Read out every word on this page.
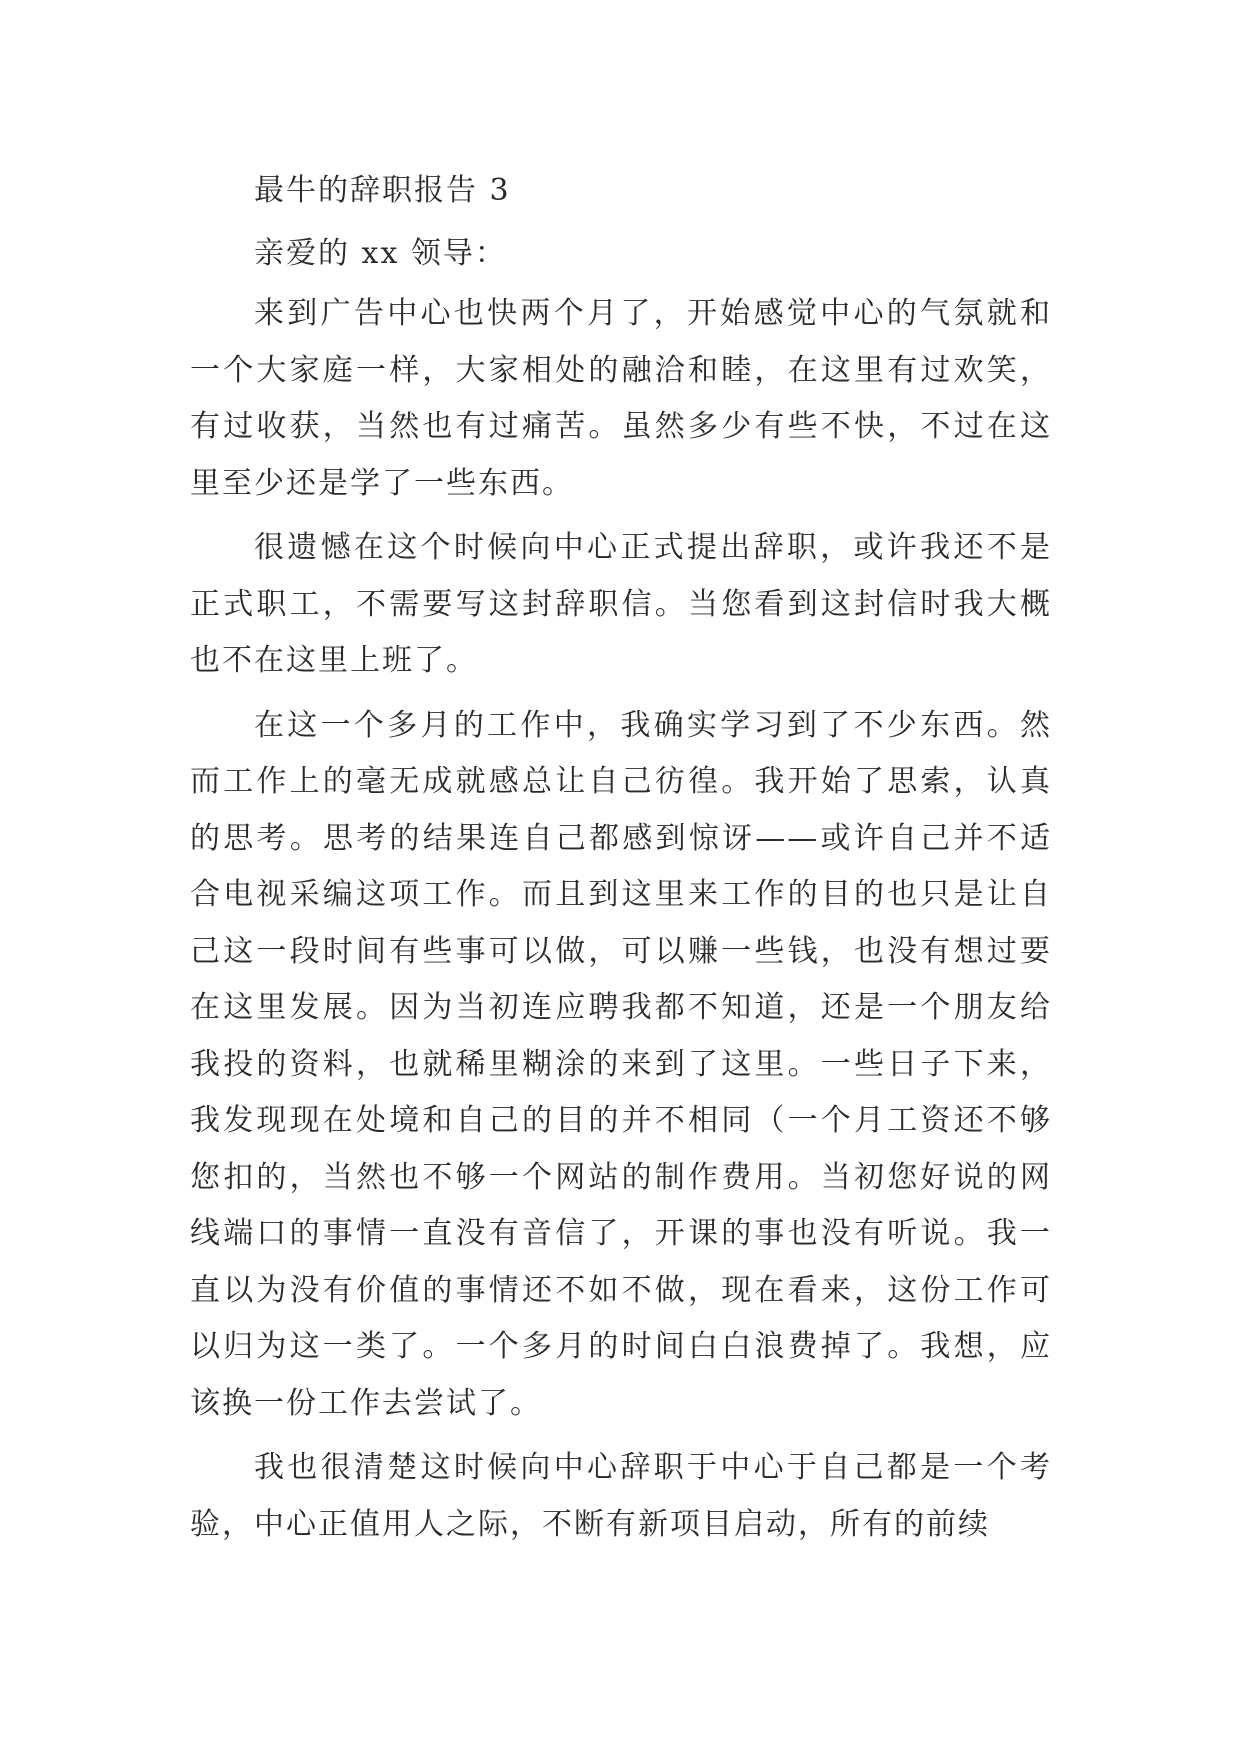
最牛的辞职报告 3

亲爱的 xx 领导：

来到广告中心也快两个月了，开始感觉中心的气氛就和一个大家庭一样，大家相处的融洽和睦，在这里有过欢笑，有过收获，当然也有过痛苦。虽然多少有些不快，不过在这里至少还是学了一些东西。

很遗憾在这个时候向中心正式提出辞职，或许我还不是正式职工，不需要写这封辞职信。当您看到这封信时我大概也不在这里上班了。

在这一个多月的工作中，我确实学习到了不少东西。然而工作上的毫无成就感总让自己彷徨。我开始了思索，认真的思考。思考的结果连自己都感到惊讶——或许自己并不适合电视采编这项工作。而且到这里来工作的目的也只是让自己这一段时间有些事可以做，可以赚一些钱，也没有想过要在这里发展。因为当初连应聘我都不知道，还是一个朋友给我投的资料，也就稀里糊涂的来到了这里。一些日子下来，我发现现在处境和自己的目的并不相同（一个月工资还不够您扣的，当然也不够一个网站的制作费用。当初您好说的网线端口的事情一直没有音信了，开课的事也没有听说。我一直以为没有价值的事情还不如不做，现在看来，这份工作可以归为这一类了。一个多月的时间白白浪费掉了。我想，应该换一份工作去尝试了。

我也很清楚这时候向中心辞职于中心于自己都是一个考验，中心正值用人之际，不断有新项目启动，所有的前续
